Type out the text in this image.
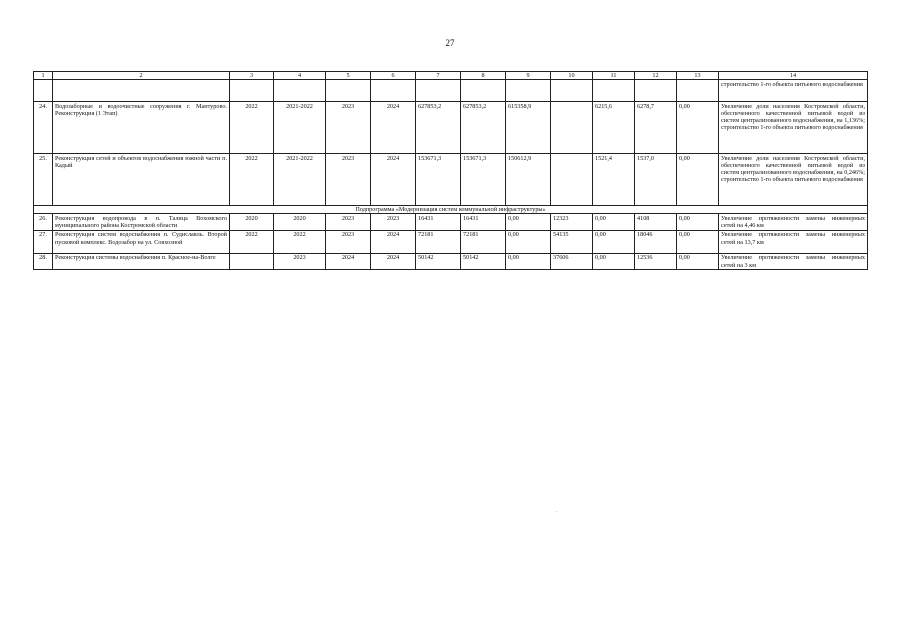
27
1	2	3	4	5	6	7	8	9	10	11	12	13	14
													строительство 1-го объекта питьевого водоснабжения
24.	Водозаборные и водоочистные сооружения г. Мантурово. Реконструкция (1 Этап)	2022	2021-2022	2023	2024	627853,2	627853,2	615358,9		6215,6	6278,7	0,00	Увеличение доли населения Костромской области, обеспеченного качественной питьевой водой из систем централизованного водоснабжения, на 1,136%; строительство 1-го объекта питьевого водоснабжения
25.	Реконструкция сетей и объектов водоснабжения южной части п. Кадый	2022	2021-2022	2023	2024	153671,3	153671,3	150612,9		1521,4	1537,0	0,00	Увеличение доли населения Костромской области, обеспеченного качественной питьевой водой из систем централизованного водоснабжения, на 0,246%; строительство 1-го объекта питьевого водоснабжения
Подпрограмма «Модернизация систем коммунальной инфраструктуры»													
26.	Реконструкция водопровода в п. Талица Вохомского муниципального района Костромской области	2020	2020	2023	2023	16431	16431	0,00	12323	0,00	4108	0,00	Увеличение протяженности замены инженерных сетей на 4,46 км
27.	Реконструкция систем водоснабжения п. Судиславль. Второй пусковой комплекс. Водозабор на ул. Совхозной	2022	2022	2023	2024	72181	72181	0,00	54135	0,00	18046	0,00	Увеличение протяженности замены инженерных сетей на 13,7 км
28.	Реконструкция системы водоснабжения п. Красное-на-Волге		2023	2024	2024	50142	50142	0,00	37606	0,00	12536	0,00	Увеличение протяженности замены инженерных сетей на 3 км
